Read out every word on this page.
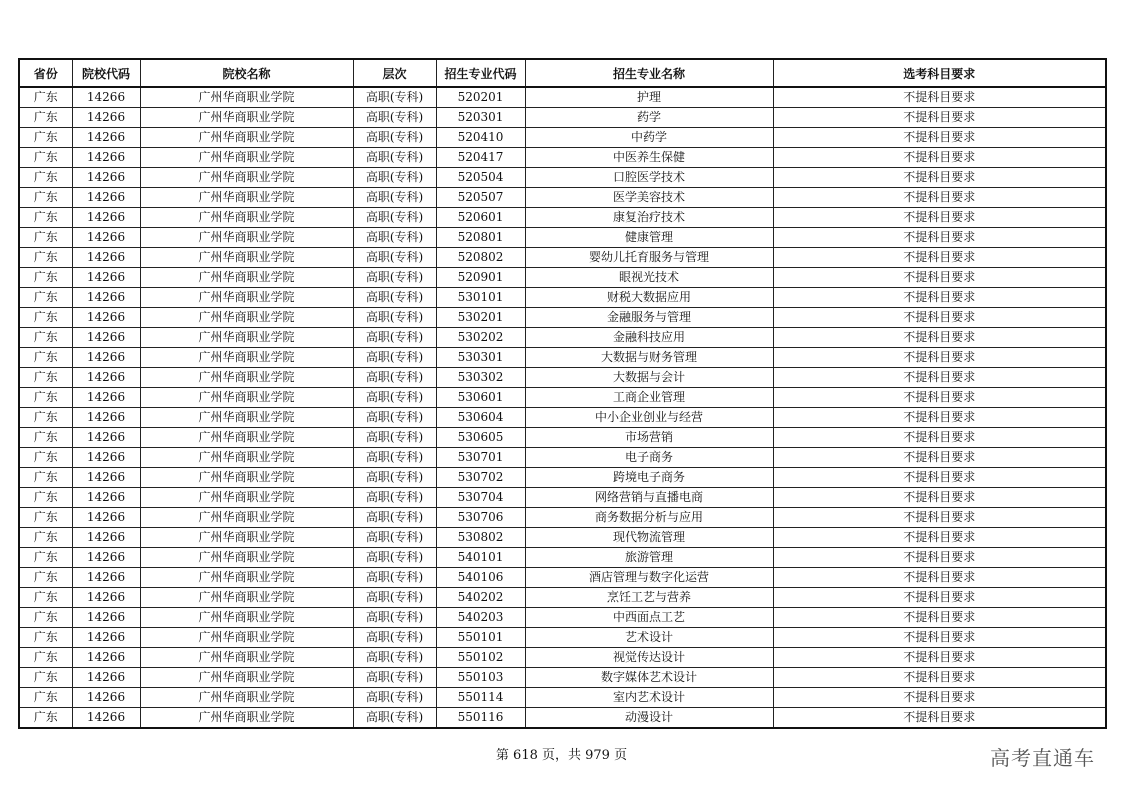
省份	院校代码	院校名称	层次	招生专业代码	招生专业名称	选考科目要求
广东	14266	广州华商职业学院	高职(专科)	520201	护理	不提科目要求
广东	14266	广州华商职业学院	高职(专科)	520301	药学	不提科目要求
广东	14266	广州华商职业学院	高职(专科)	520410	中药学	不提科目要求
广东	14266	广州华商职业学院	高职(专科)	520417	中医养生保健	不提科目要求
广东	14266	广州华商职业学院	高职(专科)	520504	口腔医学技术	不提科目要求
广东	14266	广州华商职业学院	高职(专科)	520507	医学美容技术	不提科目要求
广东	14266	广州华商职业学院	高职(专科)	520601	康复治疗技术	不提科目要求
广东	14266	广州华商职业学院	高职(专科)	520801	健康管理	不提科目要求
广东	14266	广州华商职业学院	高职(专科)	520802	婴幼儿托育服务与管理	不提科目要求
广东	14266	广州华商职业学院	高职(专科)	520901	眼视光技术	不提科目要求
广东	14266	广州华商职业学院	高职(专科)	530101	财税大数据应用	不提科目要求
广东	14266	广州华商职业学院	高职(专科)	530201	金融服务与管理	不提科目要求
广东	14266	广州华商职业学院	高职(专科)	530202	金融科技应用	不提科目要求
广东	14266	广州华商职业学院	高职(专科)	530301	大数据与财务管理	不提科目要求
广东	14266	广州华商职业学院	高职(专科)	530302	大数据与会计	不提科目要求
广东	14266	广州华商职业学院	高职(专科)	530601	工商企业管理	不提科目要求
广东	14266	广州华商职业学院	高职(专科)	530604	中小企业创业与经营	不提科目要求
广东	14266	广州华商职业学院	高职(专科)	530605	市场营销	不提科目要求
广东	14266	广州华商职业学院	高职(专科)	530701	电子商务	不提科目要求
广东	14266	广州华商职业学院	高职(专科)	530702	跨境电子商务	不提科目要求
广东	14266	广州华商职业学院	高职(专科)	530704	网络营销与直播电商	不提科目要求
广东	14266	广州华商职业学院	高职(专科)	530706	商务数据分析与应用	不提科目要求
广东	14266	广州华商职业学院	高职(专科)	530802	现代物流管理	不提科目要求
广东	14266	广州华商职业学院	高职(专科)	540101	旅游管理	不提科目要求
广东	14266	广州华商职业学院	高职(专科)	540106	酒店管理与数字化运营	不提科目要求
广东	14266	广州华商职业学院	高职(专科)	540202	烹饪工艺与营养	不提科目要求
广东	14266	广州华商职业学院	高职(专科)	540203	中西面点工艺	不提科目要求
广东	14266	广州华商职业学院	高职(专科)	550101	艺术设计	不提科目要求
广东	14266	广州华商职业学院	高职(专科)	550102	视觉传达设计	不提科目要求
广东	14266	广州华商职业学院	高职(专科)	550103	数字媒体艺术设计	不提科目要求
广东	14266	广州华商职业学院	高职(专科)	550114	室内艺术设计	不提科目要求
广东	14266	广州华商职业学院	高职(专科)	550116	动漫设计	不提科目要求
第 618 页，共 979 页	高考直通车
